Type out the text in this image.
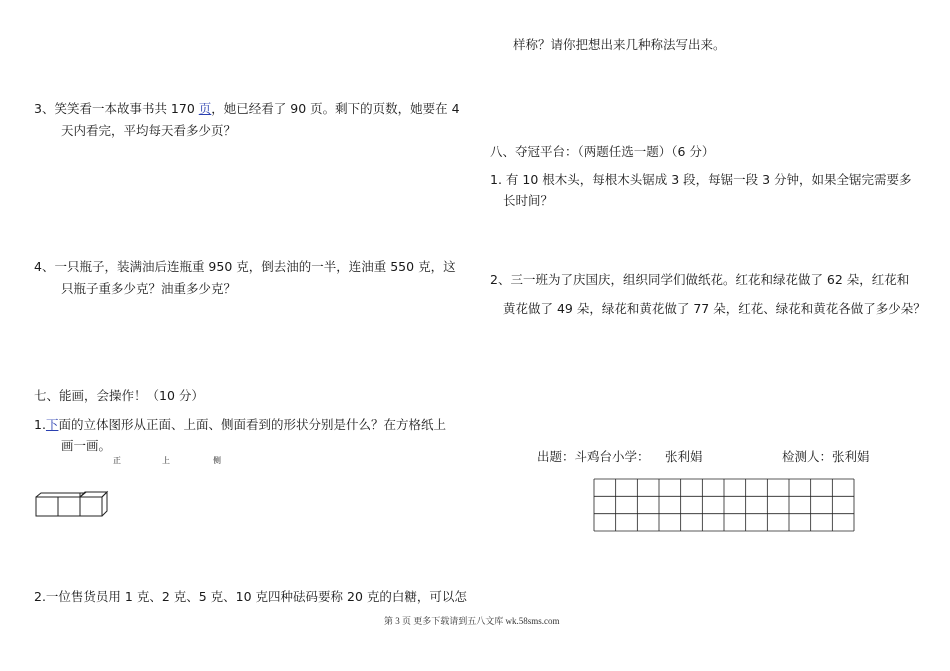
样称？请你把想出来几种称法写出来。
3、笑笑看一本故事书共 170 页，她已经看了 90 页。剩下的页数，她要在 4
天内看完，平均每天看多少页？
4、一只瓶子，装满油后连瓶重 950 克，倒去油的一半，连油重 550 克，这
只瓶子重多少克？油重多少克？
七、能画，会操作！（10 分）
1.下面的立体图形从正面、上面、侧面看到的形状分别是什么？在方格纸上
画一画。
正	上	侧
2.一位售货员用 1 克、2 克、5 克、10 克四种砝码要称 20 克的白糖，可以怎
八、夺冠平台：（两题任选一题）（6 分）
1. 有 10 根木头，每根木头锯成 3 段，每锯一段 3 分钟，如果全锯完需要多
长时间？
2、三一班为了庆国庆，组织同学们做纸花。红花和绿花做了 62 朵，红花和
黄花做了 49 朵，绿花和黄花做了 77 朵，红花、绿花和黄花各做了多少朵？
出题：斗鸡台小学： 张利娟	检测人：张利娟
第 3 页 更多下载请到五八文库 wk.58sms.com
